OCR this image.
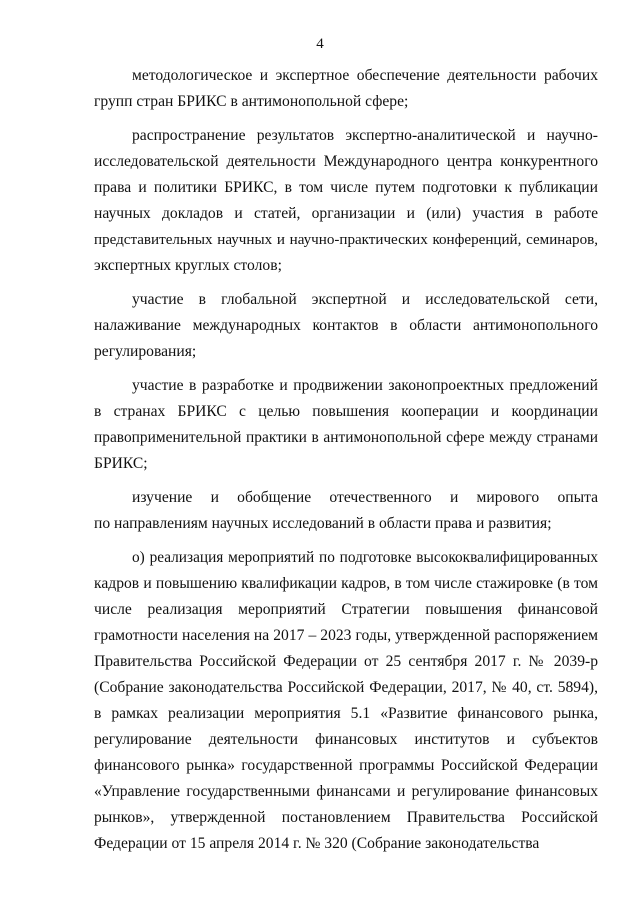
4

методологическое и экспертное обеспечение деятельности рабочих
групп стран БРИКС в антимонопольной сфере;

распространение результатов экспертно-аналитической и научно-
исследовательской деятельности Международного центра конкурентного
права и политики БРИКС, в том числе путем подготовки к публикации
научных докладов и статей, организации и (или) участия в работе
представительных научных и научно-практических конференций, семинаров,
экспертных круглых столов;

участие в глобальной экспертной и исследовательской сети,
налаживание международных контактов в области антимонопольного
регулирования;

участие в разработке и продвижении законопроектных предложений
в странах БРИКС с целью повышения кооперации и координации
правоприменительной практики в антимонопольной сфере между странами
БРИКС;

изучение и обобщение отечественного и мирового опыта
по направлениям научных исследований в области права и развития;

о) реализация мероприятий по подготовке высококвалифицированных
кадров и повышению квалификации кадров, в том числе стажировке (в том
числе реализация мероприятий Стратегии повышения финансовой
грамотности населения на 2017 – 2023 годы, утвержденной распоряжением
Правительства Российской Федерации от 25 сентября 2017 г. № 2039-р
(Собрание законодательства Российской Федерации, 2017, № 40, ст. 5894),
в рамках реализации мероприятия 5.1 «Развитие финансового рынка,
регулирование деятельности финансовых институтов и субъектов
финансового рынка» государственной программы Российской Федерации
«Управление государственными финансами и регулирование финансовых
рынков», утвержденной постановлением Правительства Российской
Федерации от 15 апреля 2014 г. № 320 (Собрание законодательства
